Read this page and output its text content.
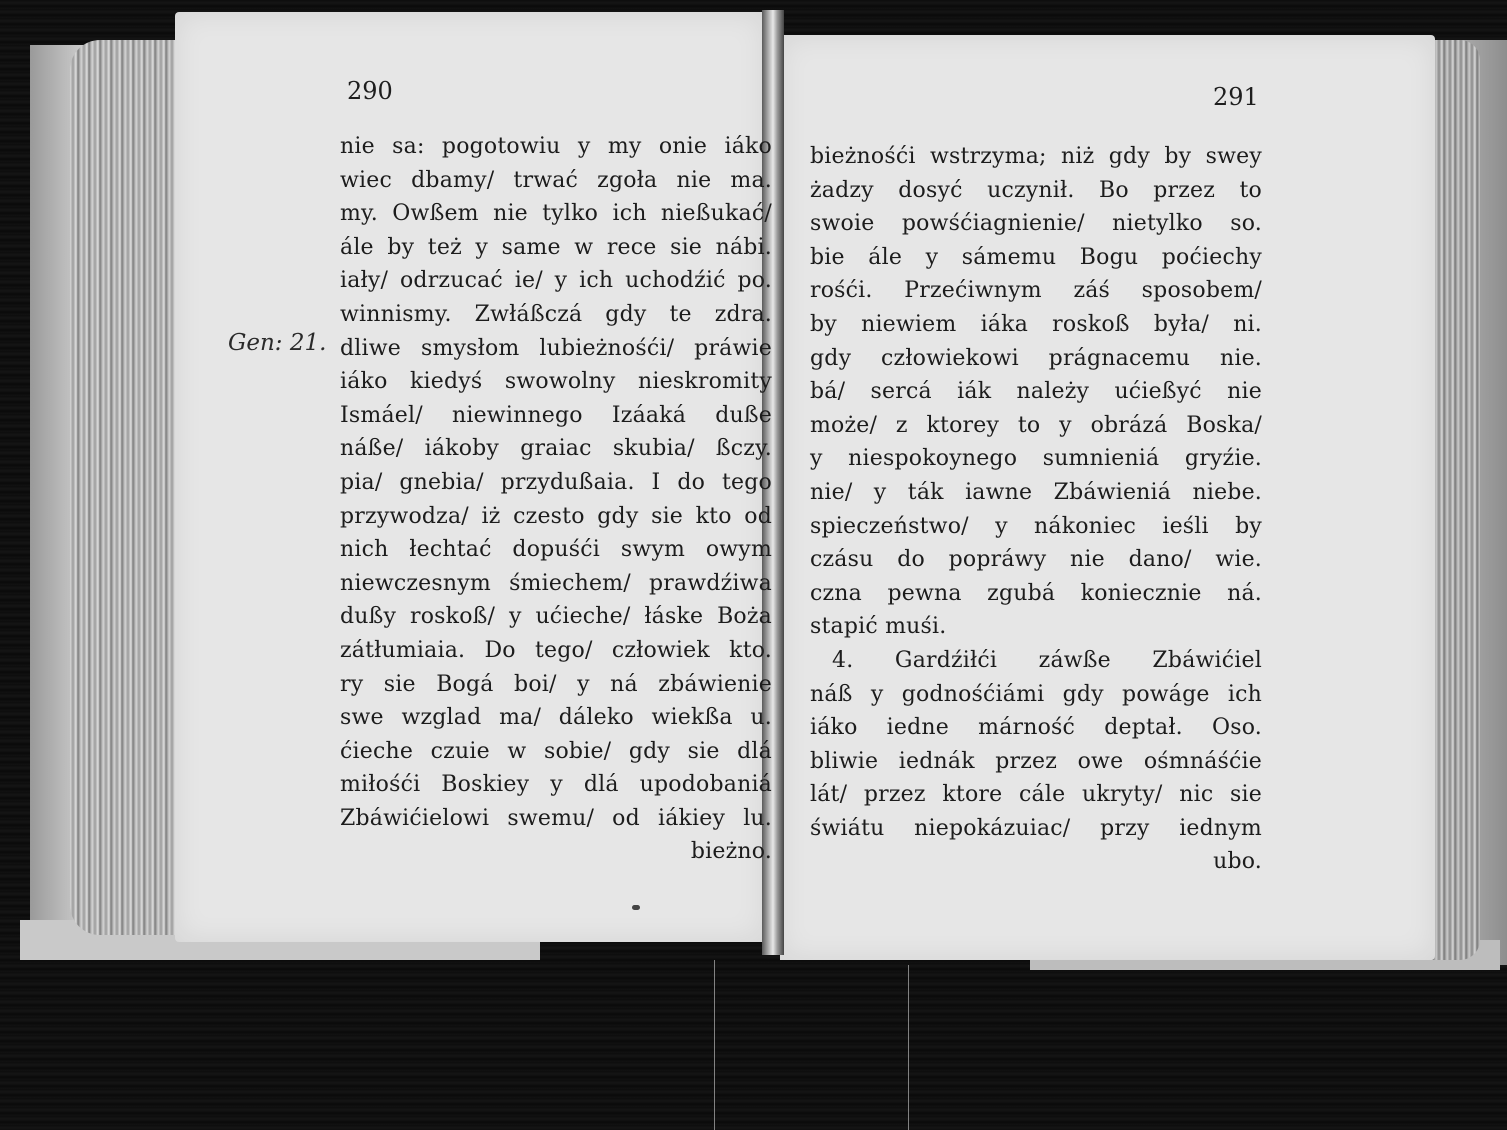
290	291
Gen: 21.
nie sa: pogotowiu y my onie iáko
wiec dbamy/ trwać zgoła nie ma.
my. Owßem nie tylko ich nießukać/
ále by też y same w rece sie nábi.
iały/ odrzucać ie/ y ich uchodźić po.
winnismy. Zwłáßczá gdy te zdra.
dliwe smysłom lubieżnośći/ práwie
iáko kiedyś swowolny nieskromity
Ismáel/ niewinnego Izáaká duße
náße/ iákoby graiac skubia/ ßczy.
pia/ gnebia/ przydußaia. I do tego
przywodza/ iż czesto gdy sie kto od
nich łechtać dopuśći swym owym
niewczesnym śmiechem/ prawdźiwa
dußy roskoß/ y ućieche/ łáske Boża
zátłumiaia. Do tego/ człowiek kto.
ry sie Bogá boi/ y ná zbáwienie
swe wzglad ma/ dáleko wiekßa u.
ćieche czuie w sobie/ gdy sie dlá
miłośći Boskiey y dlá upodobaniá
Zbáwićielowi swemu/ od iákiey lu.
bieżno.
bieżnośći wstrzyma; niż gdy by swey
żadzy dosyć uczynił. Bo przez to
swoie powśćiagnienie/ nietylko so.
bie ále y sámemu Bogu poćiechy
rośći. Przećiwnym záś sposobem/
by niewiem iáka roskoß była/ ni.
gdy człowiekowi prágnacemu nie.
bá/ sercá iák należy ućießyć nie
może/ z ktorey to y obrázá Boska/
y niespokoynego sumnieniá gryźie.
nie/ y ták iawne Zbáwieniá niebe.
spieczeństwo/ y nákoniec ieśli by
czásu do popráwy nie dano/ wie.
czna pewna zgubá koniecznie ná.
stapić muśi.
4. Gardźiłći záwße Zbáwićiel
náß y godnośćiámi gdy powáge ich
iáko iedne márność deptał. Oso.
bliwie iednák przez owe ośmnáśćie
lát/ przez ktore cále ukryty/ nic sie
świátu niepokázuiac/ przy iednym
ubo.
